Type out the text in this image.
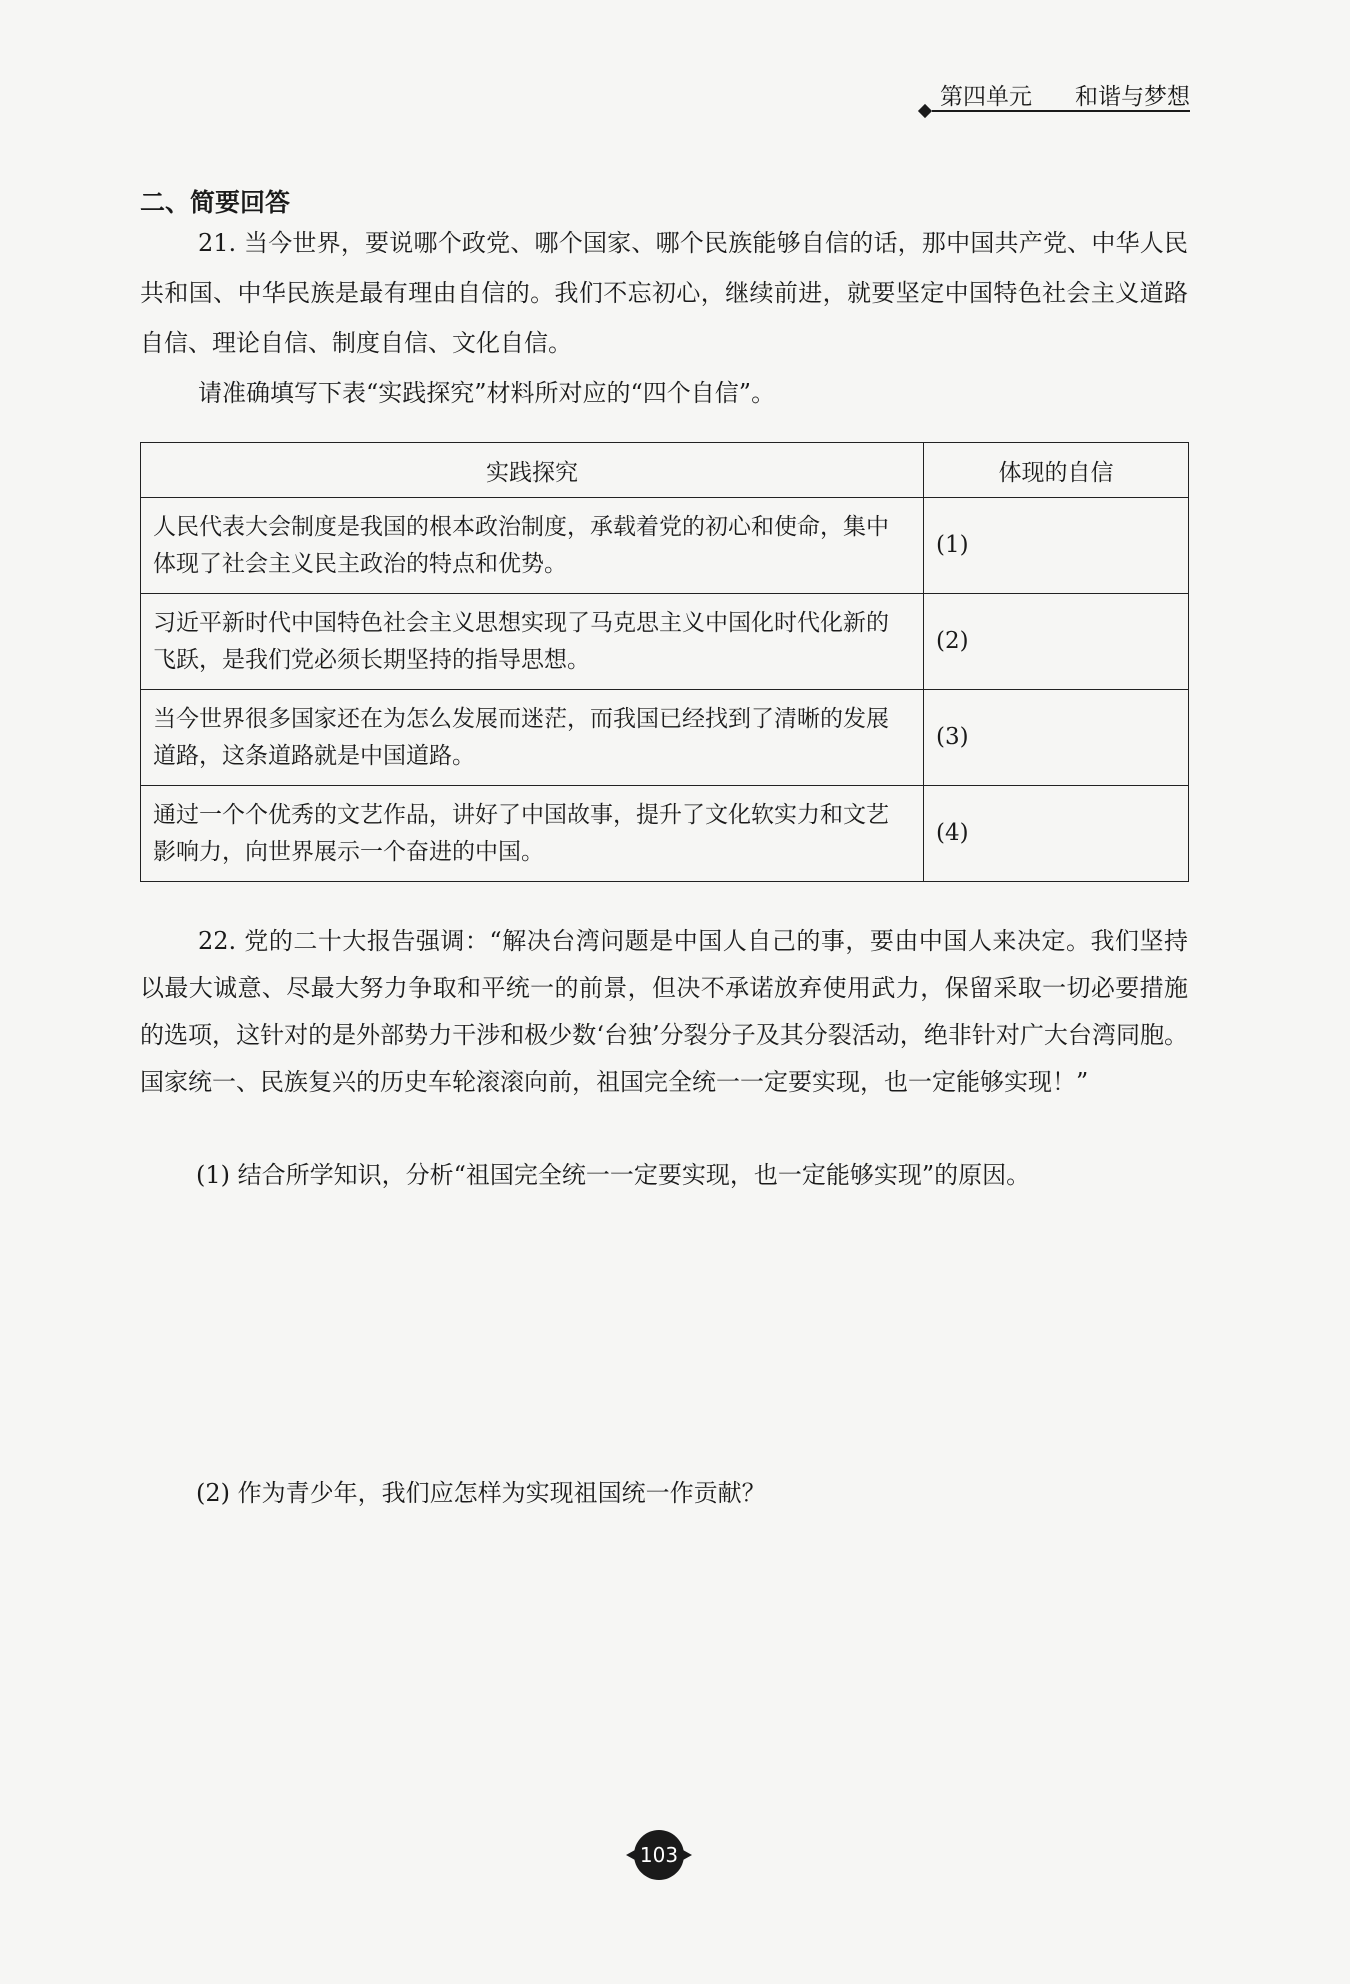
第四单元 和谐与梦想
二、简要回答

21. 当今世界，要说哪个政党、哪个国家、哪个民族能够自信的话，那中国共产党、中华人民共和国、中华民族是最有理由自信的。我们不忘初心，继续前进，就要坚定中国特色社会主义道路自信、理论自信、制度自信、文化自信。

请准确填写下表“实践探究”材料所对应的“四个自信”。

实践探究	体现的自信
人民代表大会制度是我国的根本政治制度，承载着党的初心和使命，集中体现了社会主义民主政治的特点和优势。	(1)
习近平新时代中国特色社会主义思想实现了马克思主义中国化时代化新的飞跃，是我们党必须长期坚持的指导思想。	(2)
当今世界很多国家还在为怎么发展而迷茫，而我国已经找到了清晰的发展道路，这条道路就是中国道路。	(3)
通过一个个优秀的文艺作品，讲好了中国故事，提升了文化软实力和文艺影响力，向世界展示一个奋进的中国。	(4)

22. 党的二十大报告强调：“解决台湾问题是中国人自己的事，要由中国人来决定。我们坚持以最大诚意、尽最大努力争取和平统一的前景，但决不承诺放弃使用武力，保留采取一切必要措施的选项，这针对的是外部势力干涉和极少数‘台独’分裂分子及其分裂活动，绝非针对广大台湾同胞。国家统一、民族复兴的历史车轮滚滚向前，祖国完全统一一定要实现，也一定能够实现！”

(1) 结合所学知识，分析“祖国完全统一一定要实现，也一定能够实现”的原因。

(2) 作为青少年，我们应怎样为实现祖国统一作贡献？

103
